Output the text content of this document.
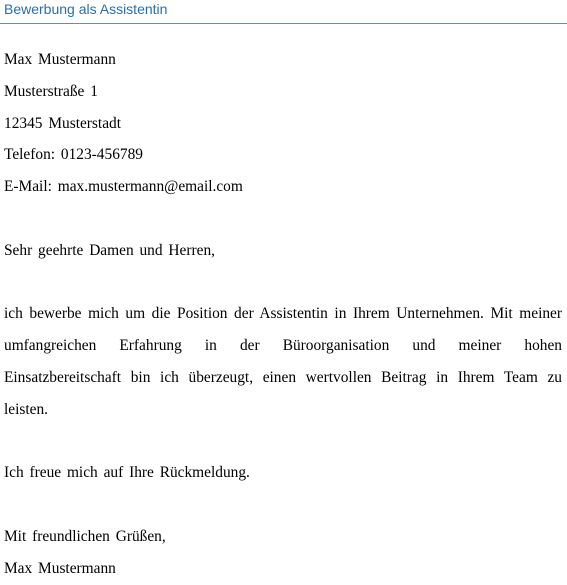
Bewerbung als Assistentin
Max Mustermann
Musterstraße 1
12345 Musterstadt
Telefon: 0123-456789
E-Mail: max.mustermann@email.com
Sehr geehrte Damen und Herren,
ich bewerbe mich um die Position der Assistentin in Ihrem Unternehmen. Mit meiner umfangreichen Erfahrung in der Büroorganisation und meiner hohen Einsatzbereitschaft bin ich überzeugt, einen wertvollen Beitrag in Ihrem Team zu leisten.
Ich freue mich auf Ihre Rückmeldung.
Mit freundlichen Grüßen,
Max Mustermann
